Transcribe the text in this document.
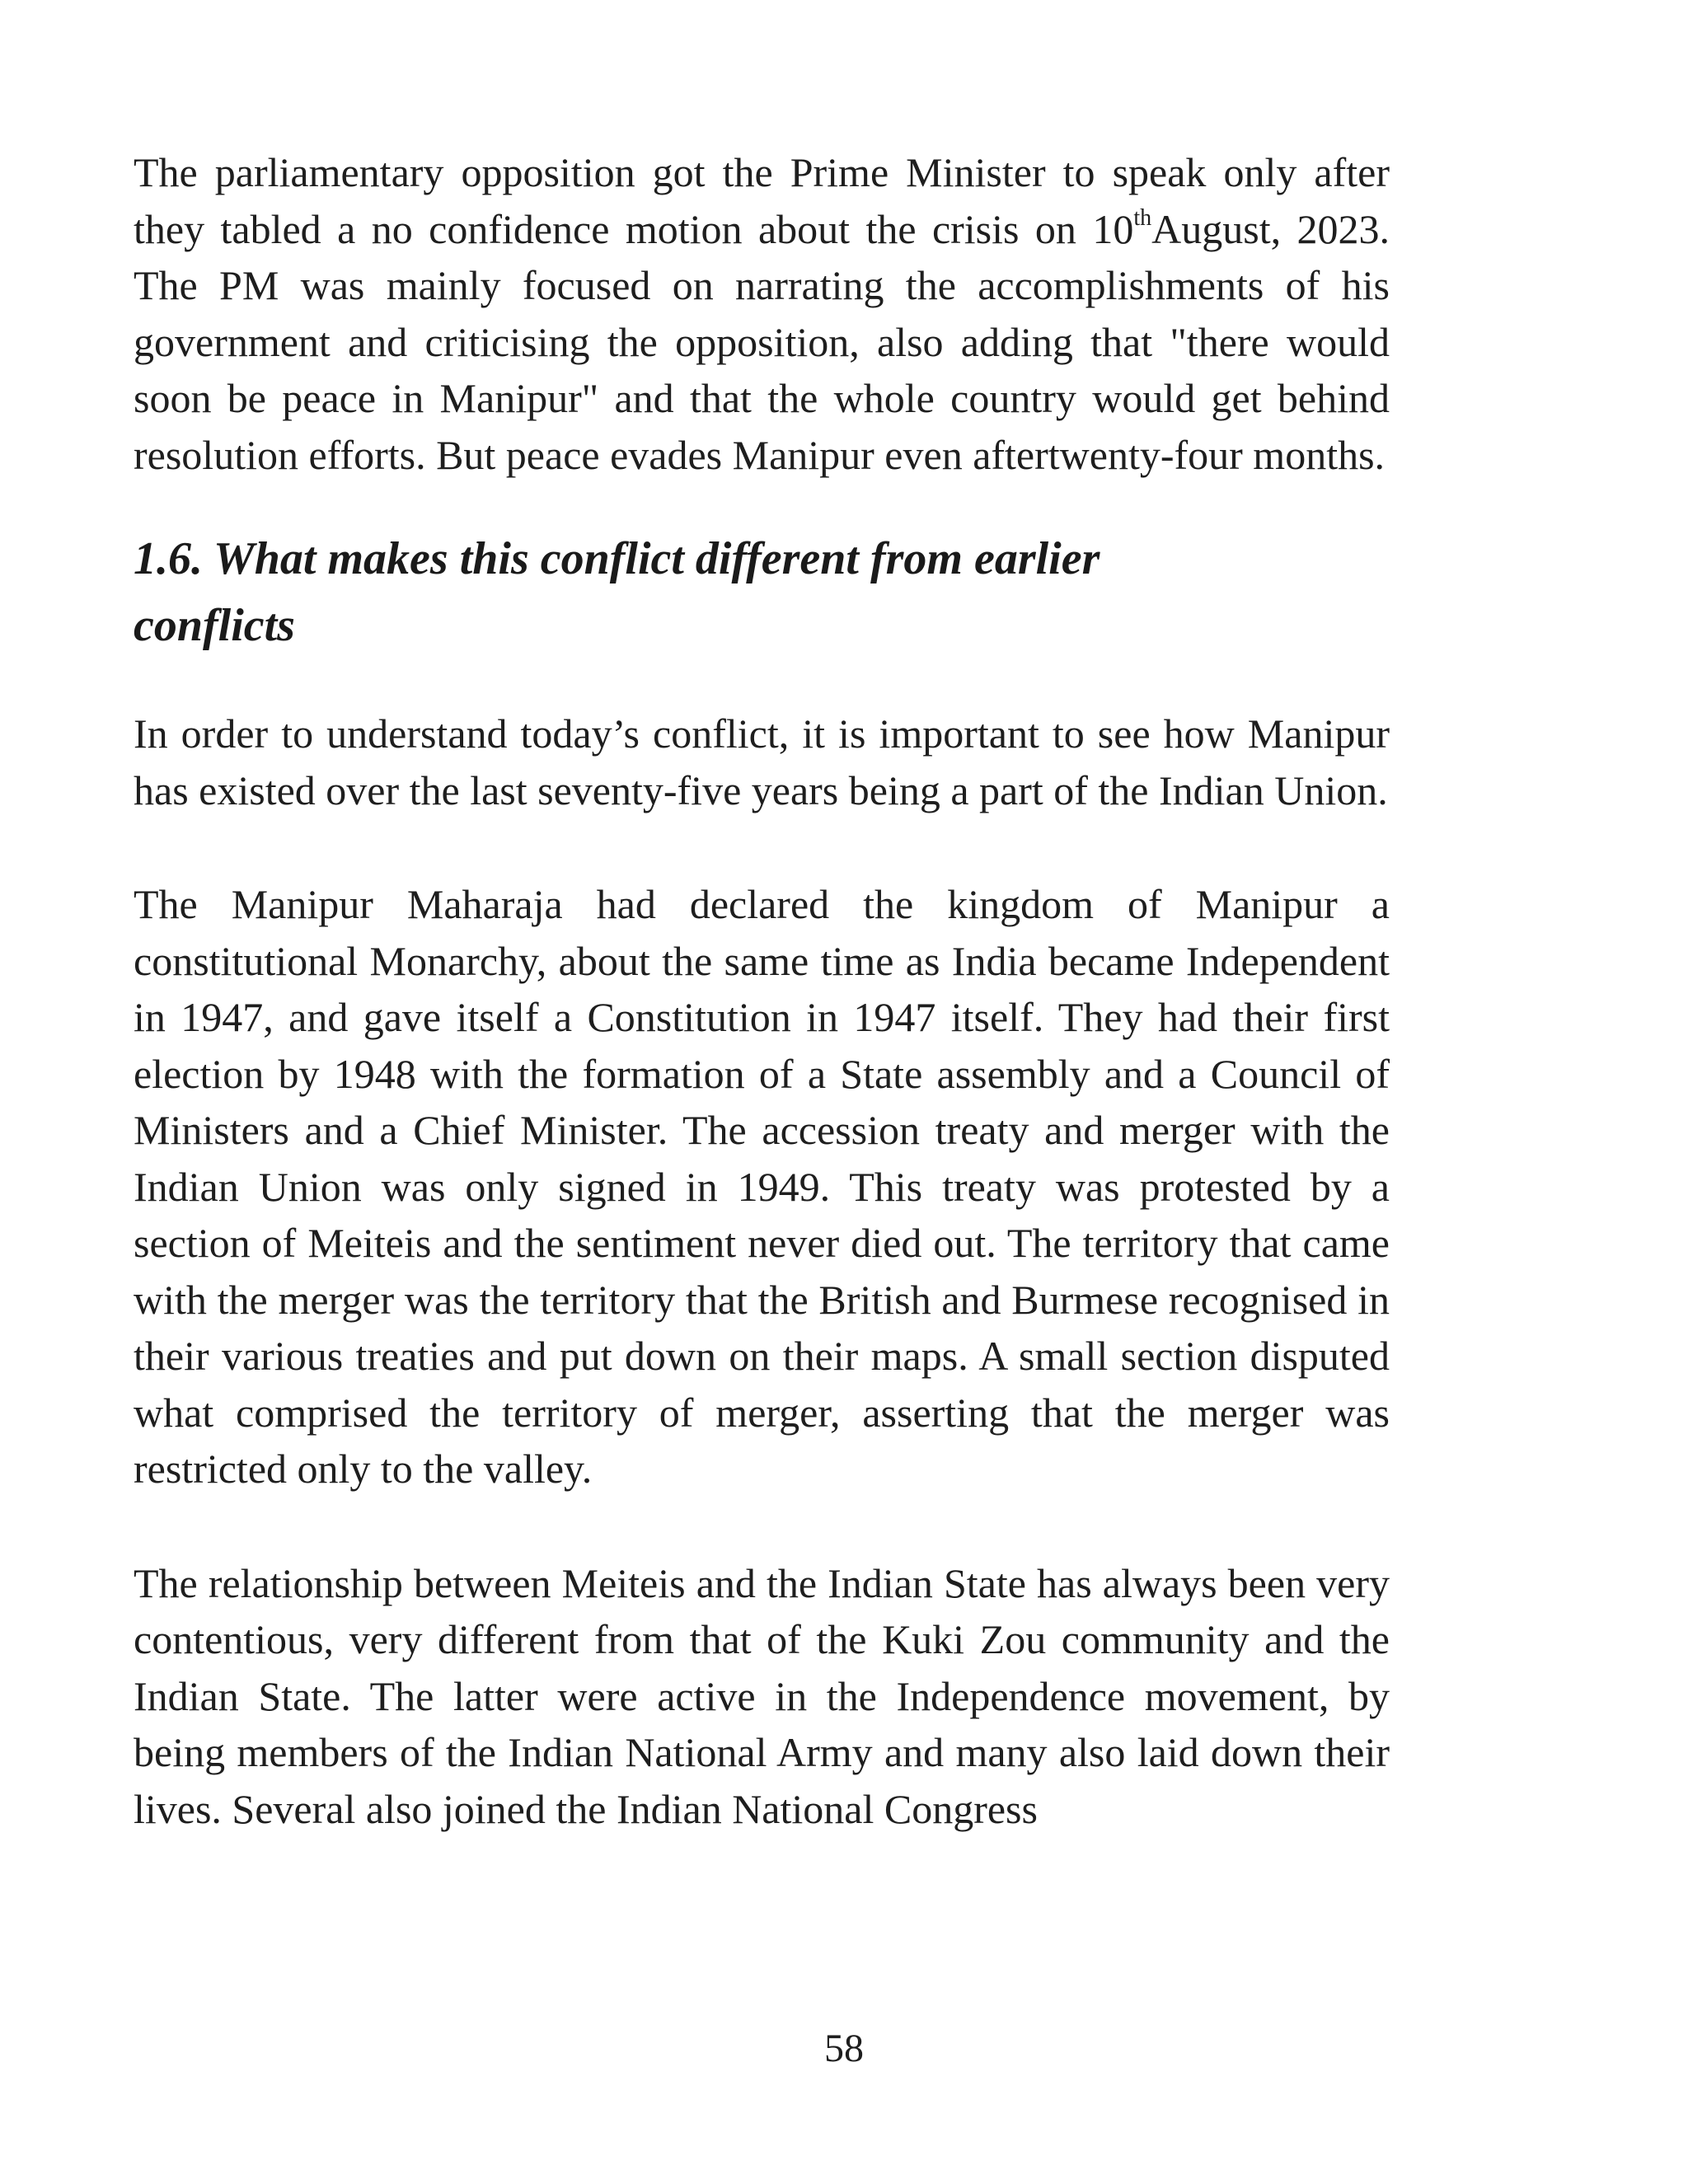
The parliamentary opposition got the Prime Minister to speak only after they tabled a no confidence motion about the crisis on 10thAugust, 2023. The PM was mainly focused on narrating the accomplishments of his government and criticising the opposition, also adding that "there would soon be peace in Manipur" and that the whole country would get behind resolution efforts. But peace evades Manipur even aftertwenty-four months.

1.6. What makes this conflict different from earlier conflicts

In order to understand today’s conflict, it is important to see how Manipur has existed over the last seventy-five years being a part of the Indian Union.

The Manipur Maharaja had declared the kingdom of Manipur a constitutional Monarchy, about the same time as India became Independent in 1947, and gave itself a Constitution in 1947 itself. They had their first election by 1948 with the formation of a State assembly and a Council of Ministers and a Chief Minister. The accession treaty and merger with the Indian Union was only signed in 1949. This treaty was protested by a section of Meiteis and the sentiment never died out. The territory that came with the merger was the territory that the British and Burmese recognised in their various treaties and put down on their maps. A small section disputed what comprised the territory of merger, asserting that the merger was restricted only to the valley.

The relationship between Meiteis and the Indian State has always been very contentious, very different from that of the Kuki Zou community and the Indian State. The latter were active in the Independence movement, by being members of the Indian National Army and many also laid down their lives. Several also joined the Indian National Congress

58
